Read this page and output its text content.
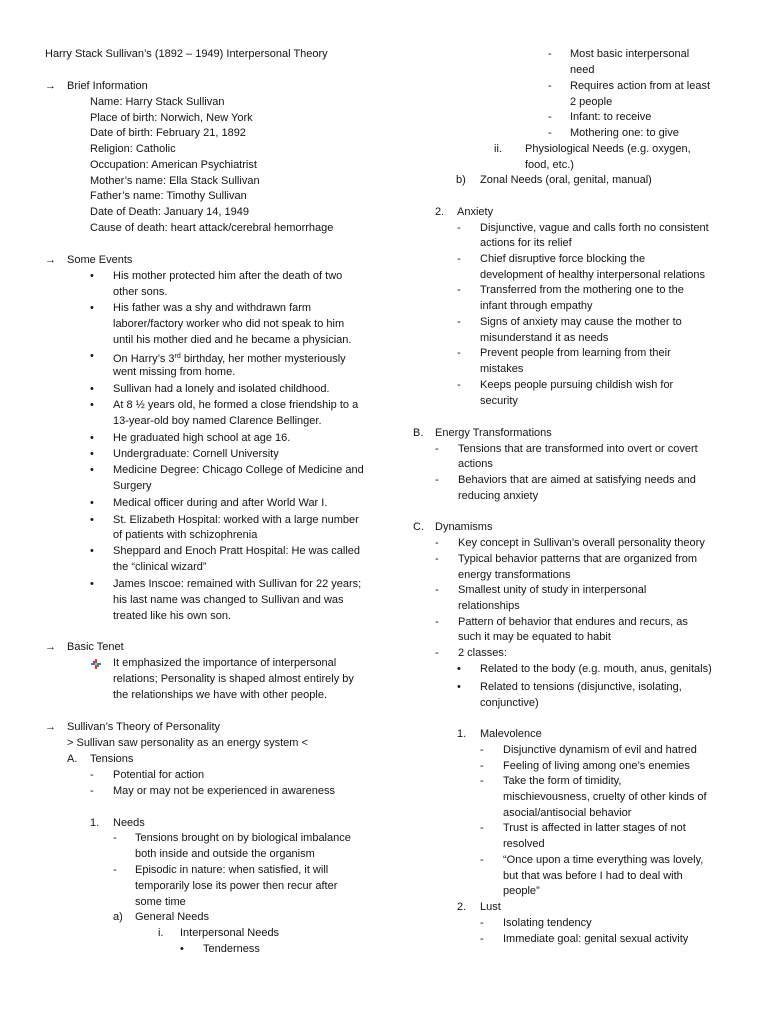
Harry Stack Sullivan’s (1892 – 1949) Interpersonal Theory
→ Brief Information
Name: Harry Stack Sullivan
Place of birth: Norwich, New York
Date of birth: February 21, 1892
Religion: Catholic
Occupation: American Psychiatrist
Mother’s name: Ella Stack Sullivan
Father’s name: Timothy Sullivan
Date of Death: January 14, 1949
Cause of death: heart attack/cerebral hemorrhage
→ Some Events
• His mother protected him after the death of two
other sons.
• His father was a shy and withdrawn farm
laborer/factory worker who did not speak to him
until his mother died and he became a physician.
• On Harry’s 3rd birthday, her mother mysteriously
went missing from home.
• Sullivan had a lonely and isolated childhood.
• At 8 ½ years old, he formed a close friendship to a
13-year-old boy named Clarence Bellinger.
• He graduated high school at age 16.
• Undergraduate: Cornell University
• Medicine Degree: Chicago College of Medicine and
Surgery
• Medical officer during and after World War I.
• St. Elizabeth Hospital: worked with a large number
of patients with schizophrenia
• Sheppard and Enoch Pratt Hospital: He was called
the “clinical wizard”
• James Inscoe: remained with Sullivan for 22 years;
his last name was changed to Sullivan and was
treated like his own son.
→ Basic Tenet
It emphasized the importance of interpersonal
relations; Personality is shaped almost entirely by
the relationships we have with other people.
→ Sullivan’s Theory of Personality
> Sullivan saw personality as an energy system <
A. Tensions
- Potential for action
- May or may not be experienced in awareness
1. Needs
- Tensions brought on by biological imbalance
both inside and outside the organism
- Episodic in nature: when satisfied, it will
temporarily lose its power then recur after
some time
a) General Needs
i. Interpersonal Needs
• Tenderness
- Most basic interpersonal
need
- Requires action from at least
2 people
- Infant: to receive
- Mothering one: to give
ii. Physiological Needs (e.g. oxygen,
food, etc.)
b) Zonal Needs (oral, genital, manual)
2. Anxiety
- Disjunctive, vague and calls forth no consistent
actions for its relief
- Chief disruptive force blocking the
development of healthy interpersonal relations
- Transferred from the mothering one to the
infant through empathy
- Signs of anxiety may cause the mother to
misunderstand it as needs
- Prevent people from learning from their
mistakes
- Keeps people pursuing childish wish for
security
B. Energy Transformations
- Tensions that are transformed into overt or covert
actions
- Behaviors that are aimed at satisfying needs and
reducing anxiety
C. Dynamisms
- Key concept in Sullivan’s overall personality theory
- Typical behavior patterns that are organized from
energy transformations
- Smallest unity of study in interpersonal
relationships
- Pattern of behavior that endures and recurs, as
such it may be equated to habit
- 2 classes:
• Related to the body (e.g. mouth, anus, genitals)
• Related to tensions (disjunctive, isolating,
conjunctive)
1. Malevolence
- Disjunctive dynamism of evil and hatred
- Feeling of living among one’s enemies
- Take the form of timidity,
mischievousness, cruelty of other kinds of
asocial/antisocial behavior
- Trust is affected in latter stages of not
resolved
- “Once upon a time everything was lovely,
but that was before I had to deal with
people”
2. Lust
- Isolating tendency
- Immediate goal: genital sexual activity
